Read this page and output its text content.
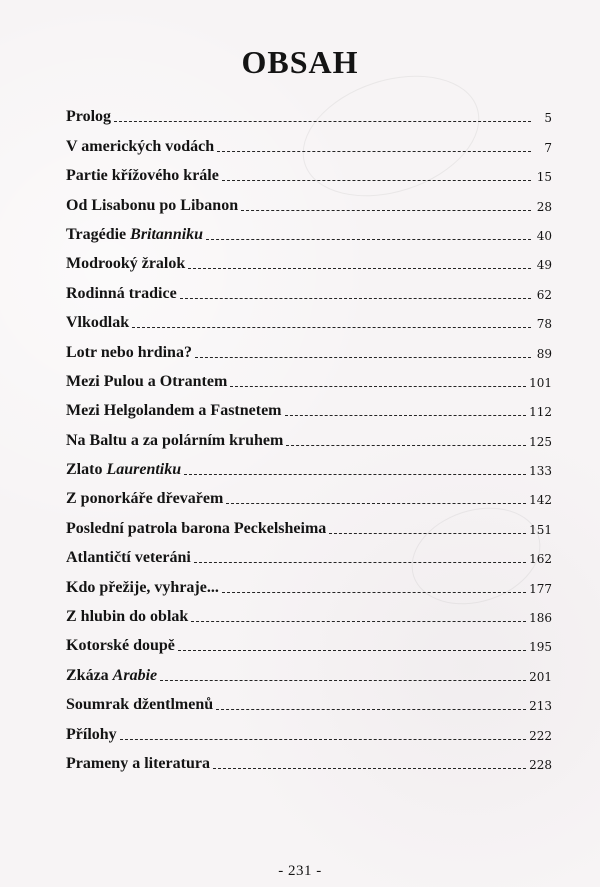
OBSAH
Prolog	5
V amerických vodách	7
Partie křížového krále	15
Od Lisabonu po Libanon	28
Tragédie Britanniku	40
Modrooký žralok	49
Rodinná tradice	62
Vlkodlak	78
Lotr nebo hrdina?	89
Mezi Pulou a Otrantem	101
Mezi Helgolandem a Fastnetem	112
Na Baltu a za polárním kruhem	125
Zlato Laurentiku	133
Z ponorkáře dřevařem	142
Poslední patrola barona Peckelsheima	151
Atlantičtí veteráni	162
Kdo přežije, vyhraje...	177
Z hlubin do oblak	186
Kotorské doupě	195
Zkáza Arabie	201
Soumrak džentlmenů	213
Přílohy	222
Prameny a literatura	228
- 231 -
